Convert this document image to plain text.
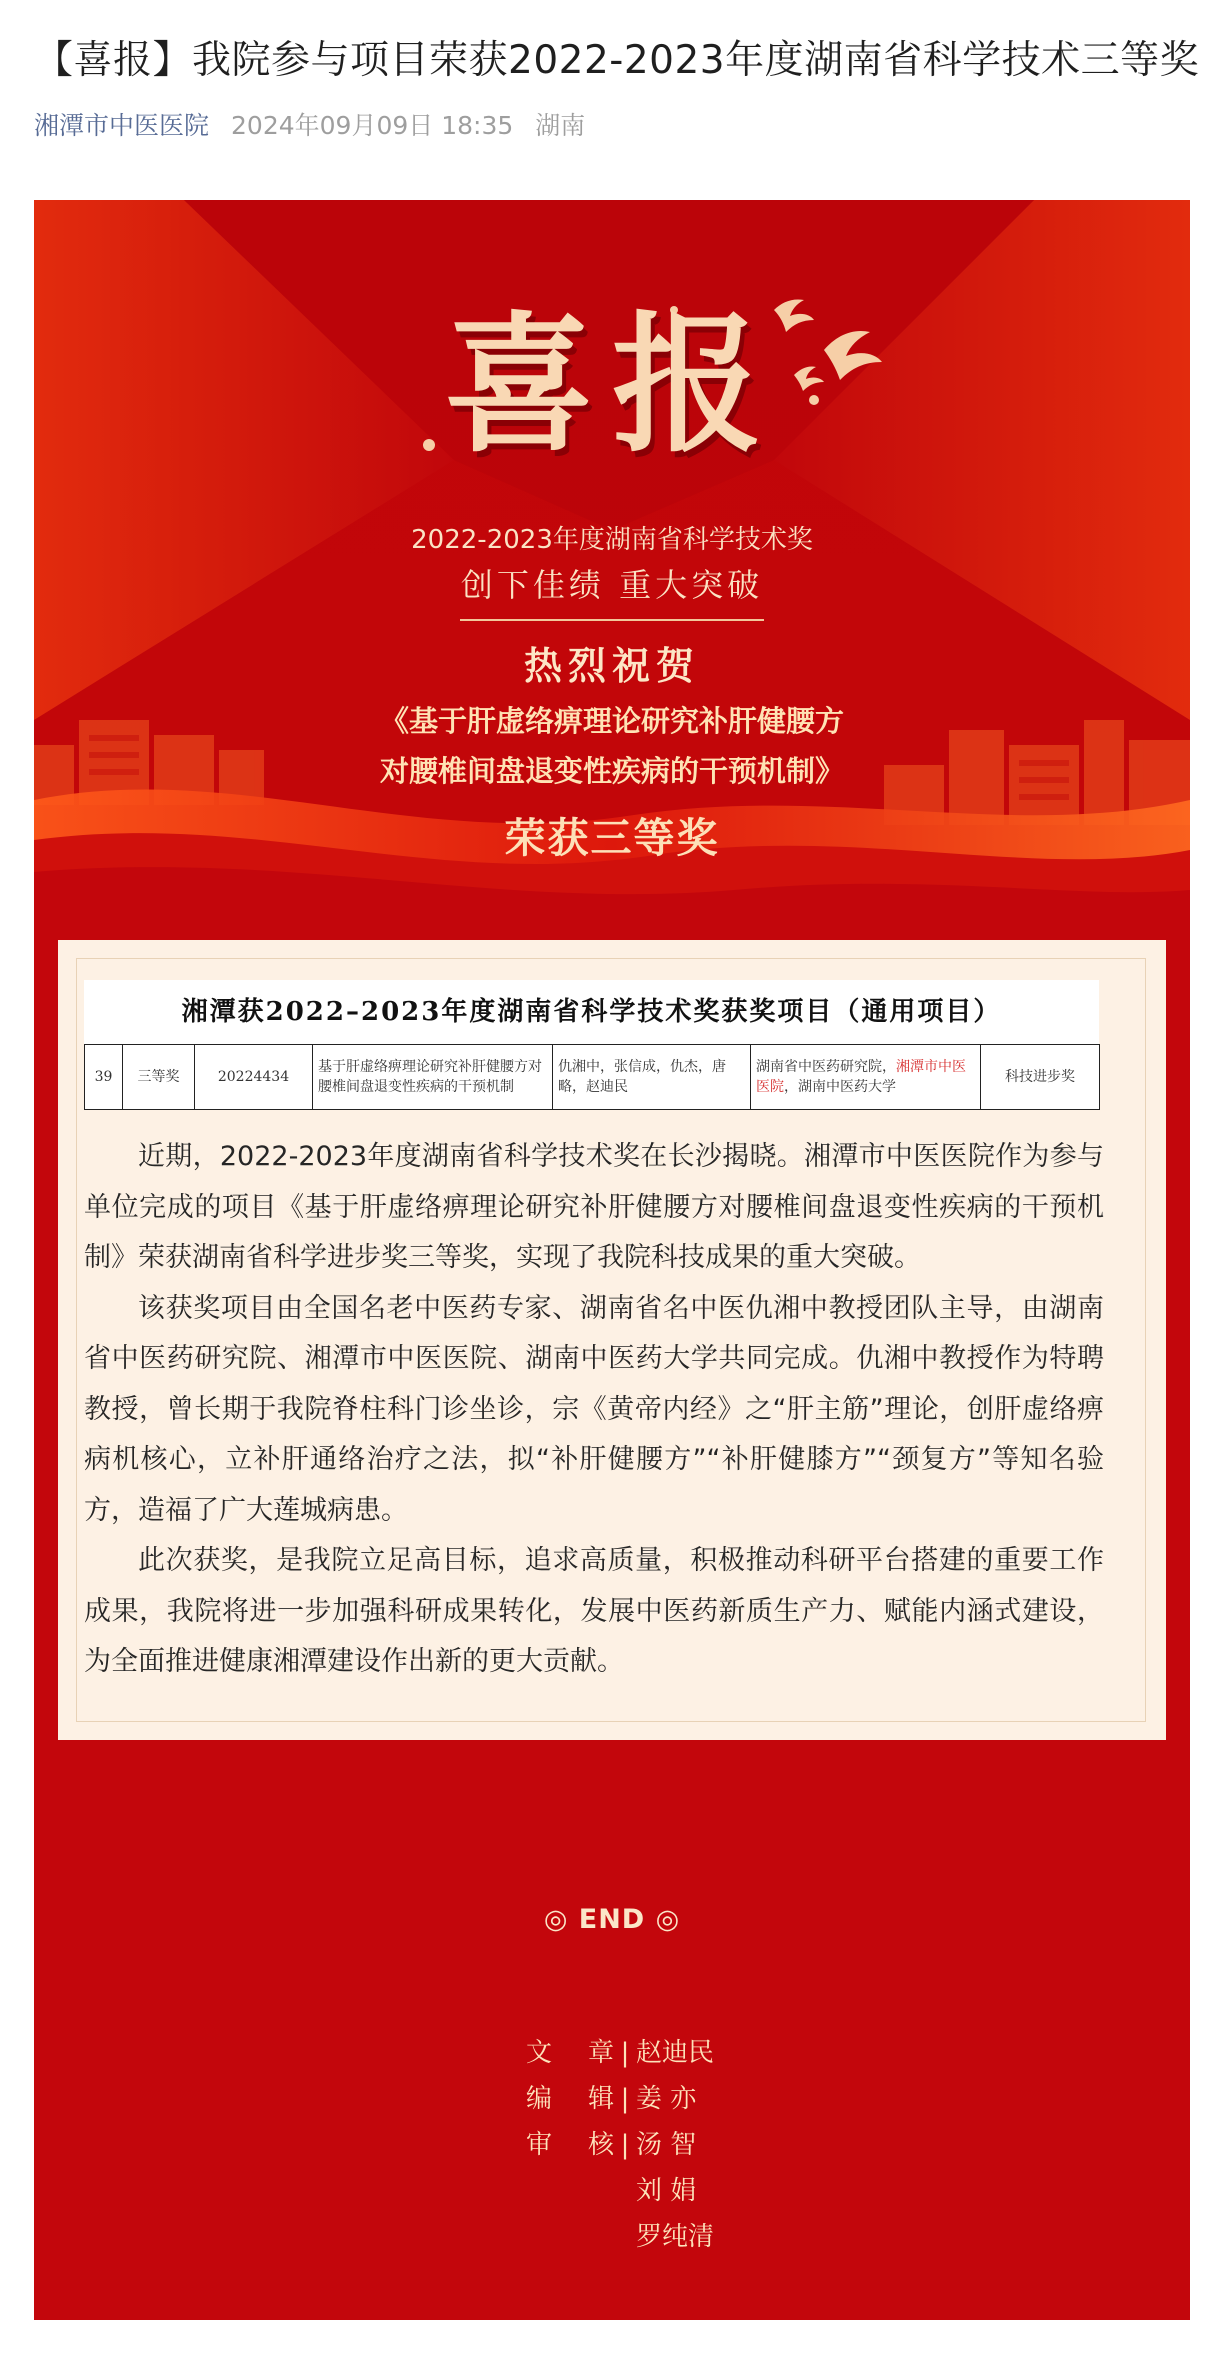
【喜报】我院参与项目荣获2022-2023年度湖南省科学技术三等奖
湘潭市中医医院 2024年09月09日 18:35 湖南
喜报
2022-2023年度湖南省科学技术奖
创下佳绩 重大突破
热烈祝贺
《基于肝虚络痹理论研究补肝健腰方
对腰椎间盘退变性疾病的干预机制》
荣获三等奖
湘潭获2022–2023年度湖南省科学技术奖获奖项目（通用项目）
39	三等奖	20224434	基于肝虚络痹理论研究补肝健腰方对腰椎间盘退变性疾病的干预机制	仇湘中，张信成，仇杰，唐略，赵迪民	湖南省中医药研究院，湘潭市中医医院，湖南中医药大学	科技进步奖

近期，2022-2023年度湖南省科学技术奖在长沙揭晓。湘潭市中医医院作为参与单位完成的项目《基于肝虚络痹理论研究补肝健腰方对腰椎间盘退变性疾病的干预机制》荣获湖南省科学进步奖三等奖，实现了我院科技成果的重大突破。

该获奖项目由全国名老中医药专家、湖南省名中医仇湘中教授团队主导，由湖南省中医药研究院、湘潭市中医医院、湖南中医药大学共同完成。仇湘中教授作为特聘教授，曾长期于我院脊柱科门诊坐诊，宗《黄帝内经》之“肝主筋”理论，创肝虚络痹病机核心，立补肝通络治疗之法，拟“补肝健腰方”“补肝健膝方”“颈复方”等知名验方，造福了广大莲城病患。

此次获奖，是我院立足高目标，追求高质量，积极推动科研平台搭建的重要工作成果，我院将进一步加强科研成果转化，发展中医药新质生产力、赋能内涵式建设，为全面推进健康湘潭建设作出新的更大贡献。

◎ END ◎
文 章 | 赵迪民
编 辑 | 姜 亦
审 核 | 汤 智
刘 娟
罗纯清
